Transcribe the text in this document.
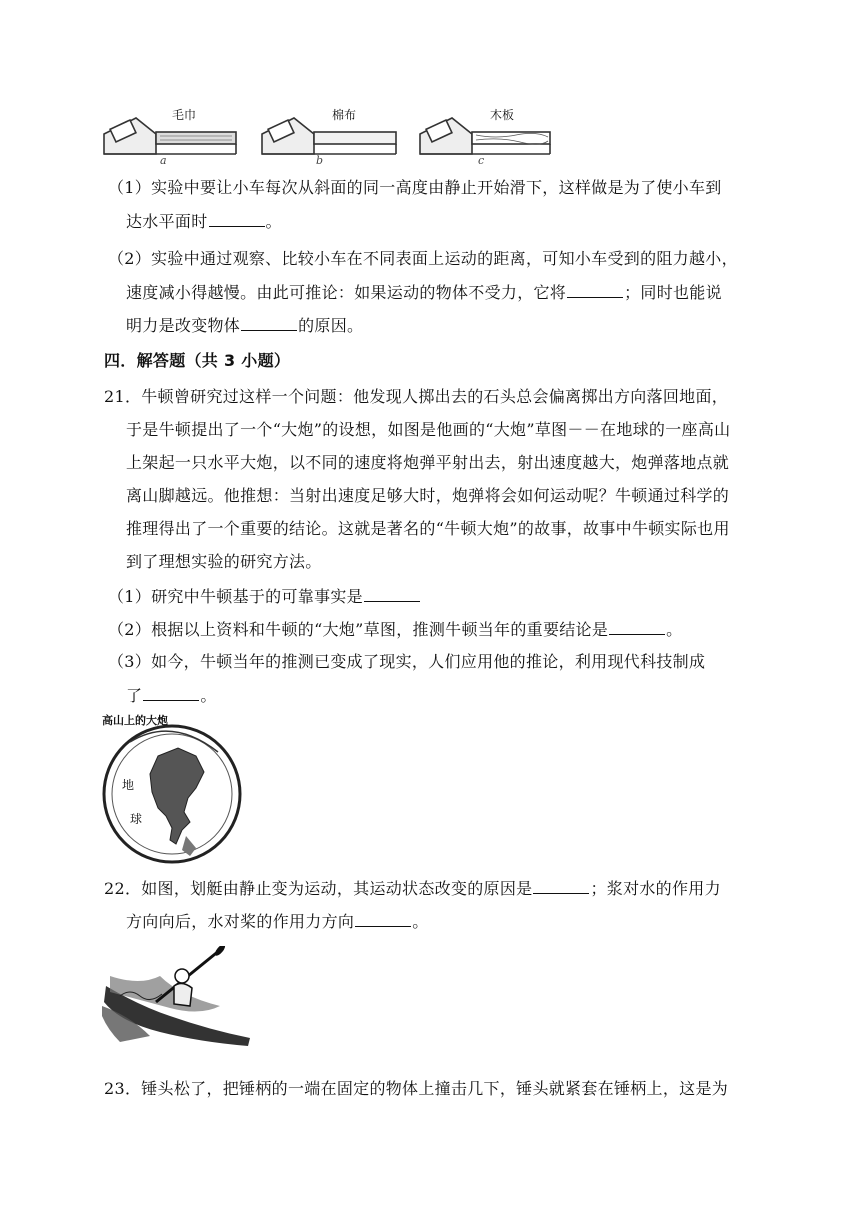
毛巾	棉布	木板
a	b	c
（1）实验中要让小车每次从斜面的同一高度由静止开始滑下，这样做是为了使小车到
达水平面时	。
（2）实验中通过观察、比较小车在不同表面上运动的距离，可知小车受到的阻力越小，
速度减小得越慢。由此可推论：如果运动的物体不受力，它将	；同时也能说
明力是改变物体	的原因。
四．解答题（共 3 小题）
21．牛顿曾研究过这样一个问题：他发现人掷出去的石头总会偏离掷出方向落回地面，
于是牛顿提出了一个“大炮”的设想，如图是他画的“大炮”草图－－在地球的一座高山
上架起一只水平大炮，以不同的速度将炮弹平射出去，射出速度越大，炮弹落地点就
离山脚越远。他推想：当射出速度足够大时，炮弹将会如何运动呢？牛顿通过科学的
推理得出了一个重要的结论。这就是著名的“牛顿大炮”的故事，故事中牛顿实际也用
到了理想实验的研究方法。
（1）研究中牛顿基于的可靠事实是
（2）根据以上资料和牛顿的“大炮”草图，推测牛顿当年的重要结论是	。
（3）如今，牛顿当年的推测已变成了现实，人们应用他的推论，利用现代科技制成
了	。
高山上的大炮
地
球
22．如图，划艇由静止变为运动，其运动状态改变的原因是	；浆对水的作用力
方向向后，水对桨的作用力方向	。
23．锤头松了，把锤柄的一端在固定的物体上撞击几下，锤头就紧套在锤柄上，这是为
